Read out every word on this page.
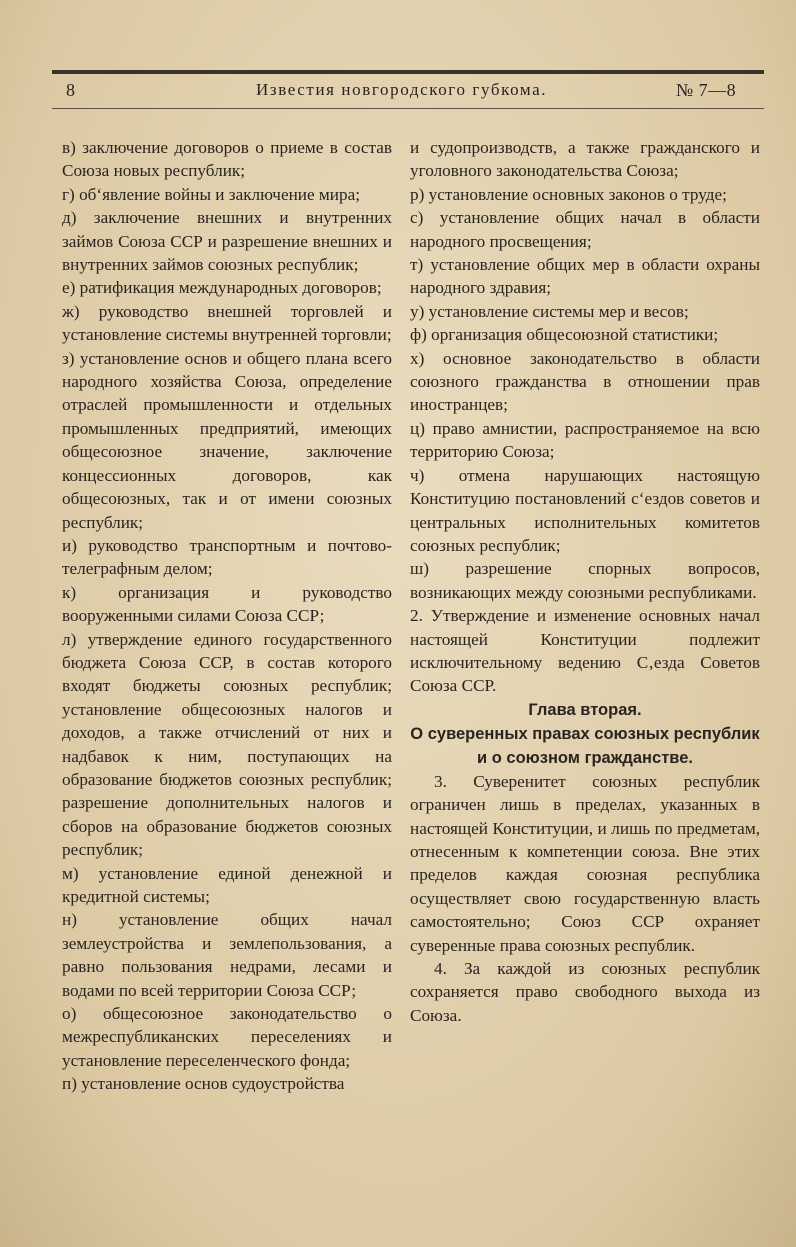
8	Известия новгородского губкома.	№ 7—8

в) заключение договоров о приеме в состав Союза новых республик;

г) об‘явление войны и заключение мира;

д) заключение внешних и внутренних займов Союза ССР и разрешение внешних и внутренних займов союзных республик;

е) ратификация международных договоров;

ж) руководство внешней торговлей и установление системы внутренней торговли;

з) установление основ и общего плана всего народного хозяйства Союза, определение отраслей промышленности и отдельных промышленных предприятий, имеющих общесоюзное значение, заключение концессионных договоров, как общесоюзных, так и от имени союзных республик;

и) руководство транспортным и почтово-телеграфным делом;

к) организация и руководство вооруженными силами Союза ССР;

л) утверждение единого государственного бюджета Союза ССР, в состав которого входят бюджеты союзных республик; установление общесоюзных налогов и доходов, а также отчислений от них и надбавок к ним, поступающих на образование бюджетов союзных республик; разрешение дополнительных налогов и сборов на образование бюджетов союзных республик;

м) установление единой денежной и кредитной системы;

н) установление общих начал землеустройства и землепользования, а равно пользования недрами, лесами и водами по всей территории Союза ССР;

о) общесоюзное законодательство о межреспубликанских переселениях и установление переселенческого фонда;

п) установление основ судоустройства

и судопроизводств, а также гражданского и уголовного законодательства Союза;

р) установление основных законов о труде;

с) установление общих начал в области народного просвещения;

т) установление общих мер в области охраны народного здравия;

у) установление системы мер и весов;

ф) организация общесоюзной статистики;

х) основное законодательство в области союзного гражданства в отношении прав иностранцев;

ц) право амнистии, распространяемое на всю территорию Союза;

ч) отмена нарушающих настоящую Конституцию постановлений с‘ездов советов и центральных исполнительных комитетов союзных республик;

ш) разрешение спорных вопросов, возникающих между союзными республиками.

2. Утверждение и изменение основных начал настоящей Конституции подлежит исключительному ведению С‚езда Советов Союза ССР.

Глава вторая.

О суверенных правах союзных республик и о союзном гражданстве.

3. Суверенитет союзных республик ограничен лишь в пределах, указанных в настоящей Конституции, и лишь по предметам, отнесенным к компетенции союза. Вне этих пределов каждая союзная республика осуществляет свою государственную власть самостоятельно; Союз ССР охраняет суверенные права союзных республик.

4. За каждой из союзных республик сохраняется право свободного выхода из Союза.
